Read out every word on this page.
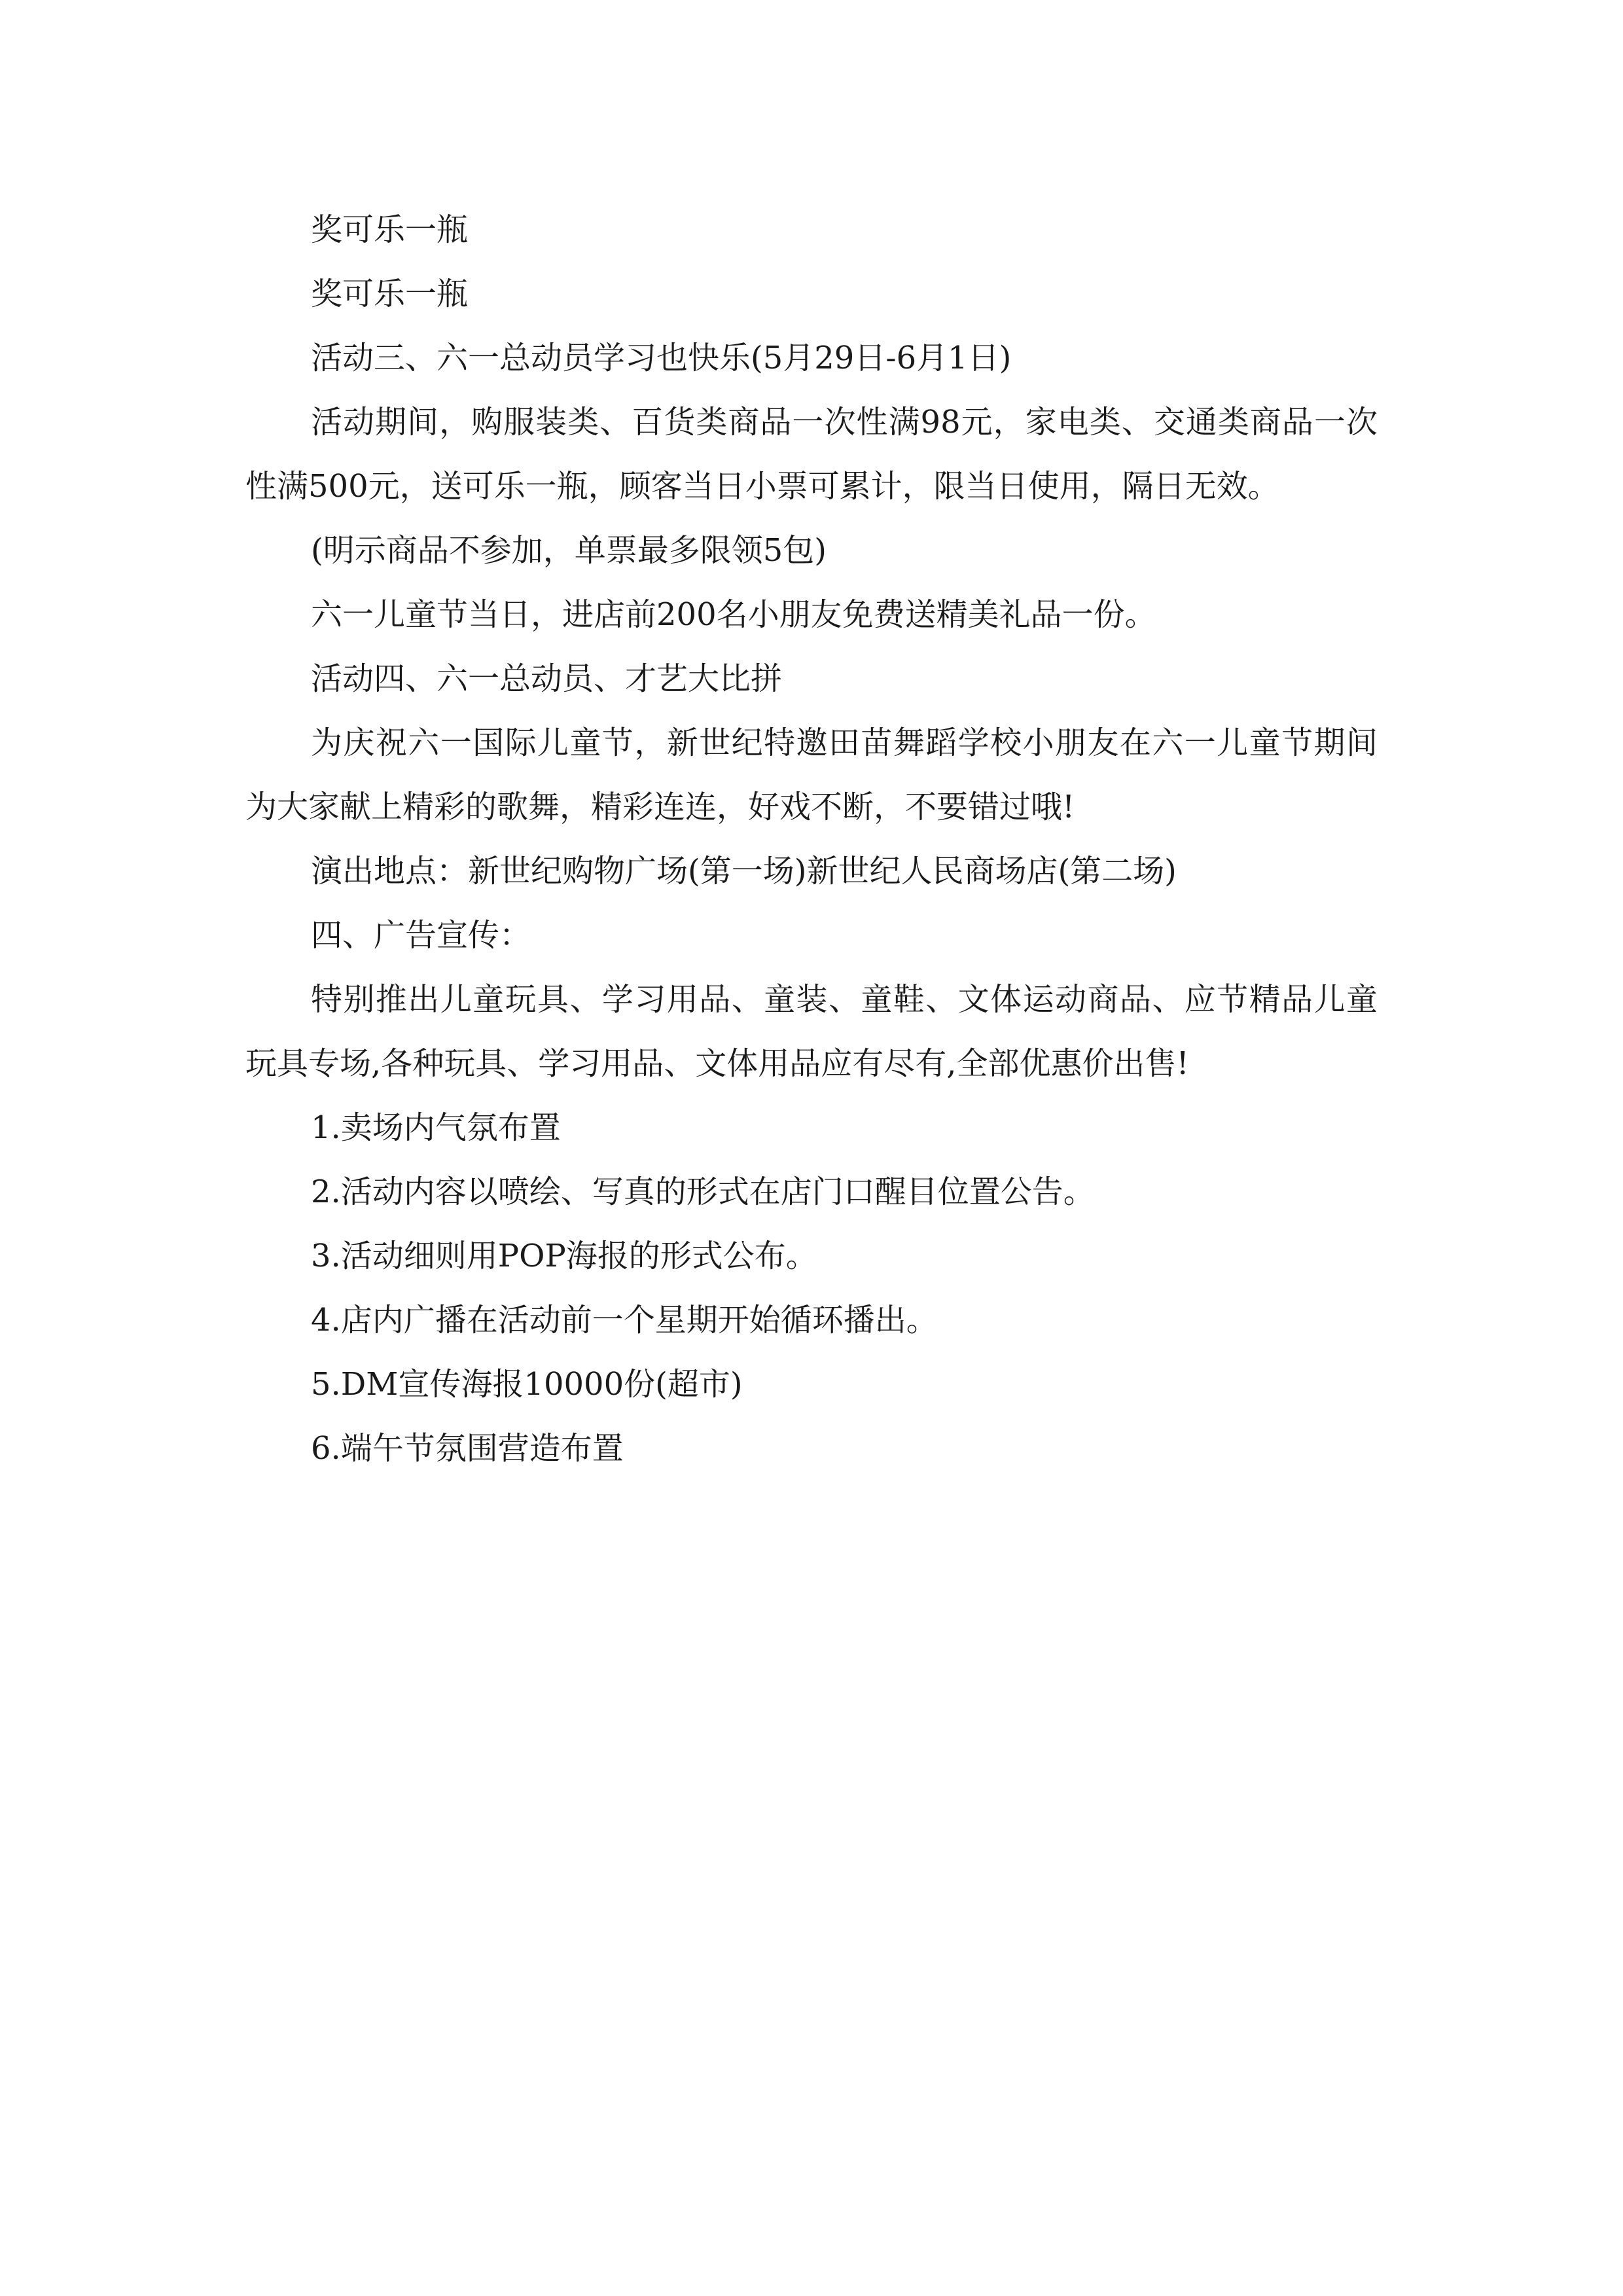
奖可乐一瓶

奖可乐一瓶

活动三、六一总动员学习也快乐(5月29日-6月1日)

活动期间，购服装类、百货类商品一次性满98元，家电类、交通类商品一次性满500元，送可乐一瓶，顾客当日小票可累计，限当日使用，隔日无效。

(明示商品不参加，单票最多限领5包)

六一儿童节当日，进店前200名小朋友免费送精美礼品一份。

活动四、六一总动员、才艺大比拼

为庆祝六一国际儿童节，新世纪特邀田苗舞蹈学校小朋友在六一儿童节期间为大家献上精彩的歌舞，精彩连连，好戏不断，不要错过哦!

演出地点：新世纪购物广场(第一场)新世纪人民商场店(第二场)

四、广告宣传：

特别推出儿童玩具、学习用品、童装、童鞋、文体运动商品、应节精品儿童玩具专场,各种玩具、学习用品、文体用品应有尽有,全部优惠价出售!

1.卖场内气氛布置

2.活动内容以喷绘、写真的形式在店门口醒目位置公告。

3.活动细则用POP海报的形式公布。

4.店内广播在活动前一个星期开始循环播出。

5.DM宣传海报10000份(超市)

6.端午节氛围营造布置
